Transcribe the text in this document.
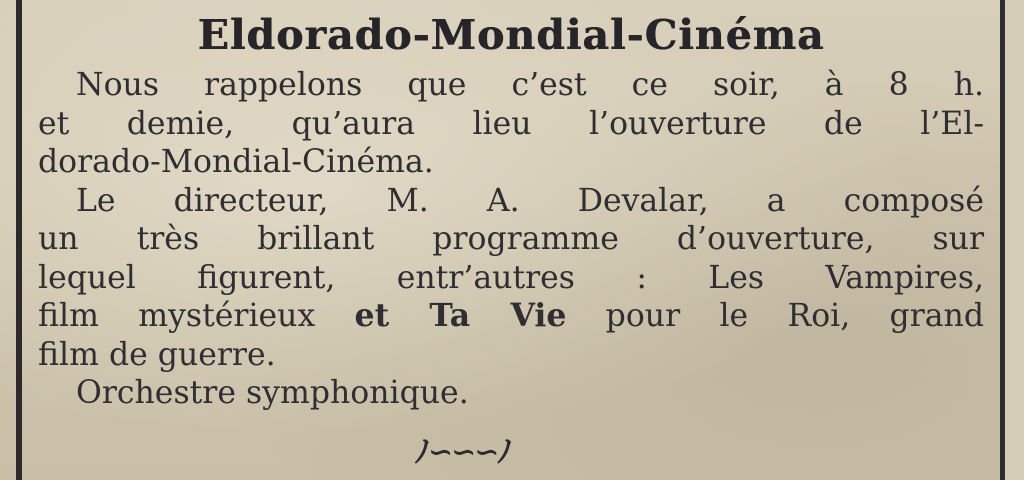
Eldorado-Mondial-Cinéma
Nous rappelons que c’est ce soir, à 8 h.
et demie, qu’aura lieu l’ouverture de l’El-
dorado-Mondial-Cinéma.
Le directeur, M. A. Devalar, a composé
un très brillant programme d’ouverture, sur
lequel figurent, entr’autres : Les Vampires,
film mystérieux et Ta Vie pour le Roi, grand
film de guerre.
Orchestre symphonique.
ﾉ∽∽∽ﾉ
